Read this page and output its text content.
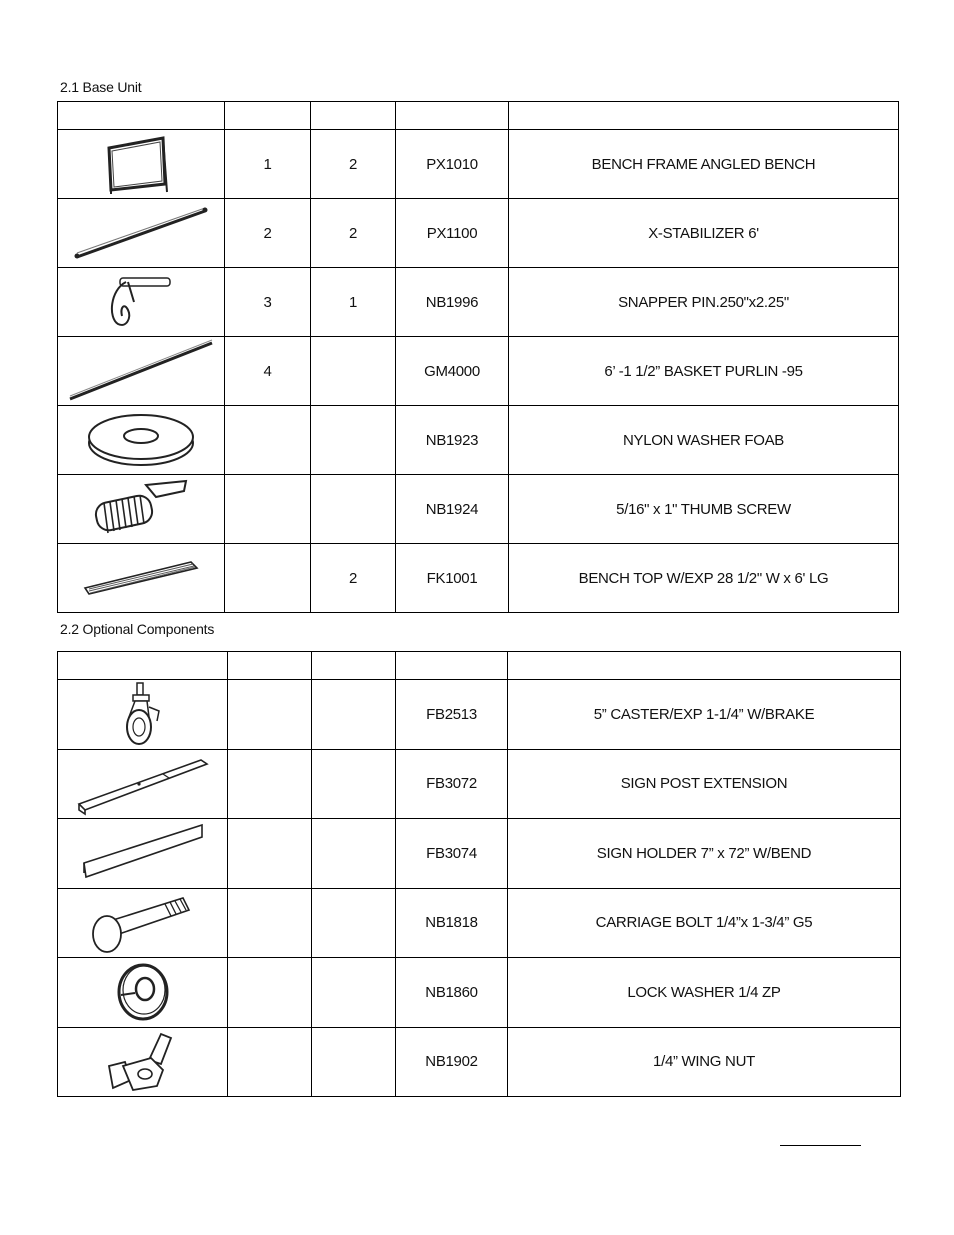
2.1 Base Unit

	1	2	PX1010	BENCH FRAME ANGLED BENCH

	2	2	PX1100	X-STABILIZER 6'

	3	1	NB1996	SNAPPER PIN.250"x2.25"

	4		GM4000	6’ -1 1/2” BASKET PURLIN -95

			NB1923	NYLON WASHER FOAB

			NB1924	5/16" x 1" THUMB SCREW

		2	FK1001	BENCH TOP W/EXP 28 1/2" W x 6' LG
2.2 Optional Components

			FB2513	5” CASTER/EXP 1-1/4” W/BRAKE

			FB3072	SIGN POST EXTENSION

			FB3074	SIGN HOLDER 7” x 72” W/BEND

			NB1818	CARRIAGE BOLT 1/4”x 1-3/4” G5

			NB1860	LOCK WASHER 1/4 ZP

			NB1902	1/4” WING NUT
